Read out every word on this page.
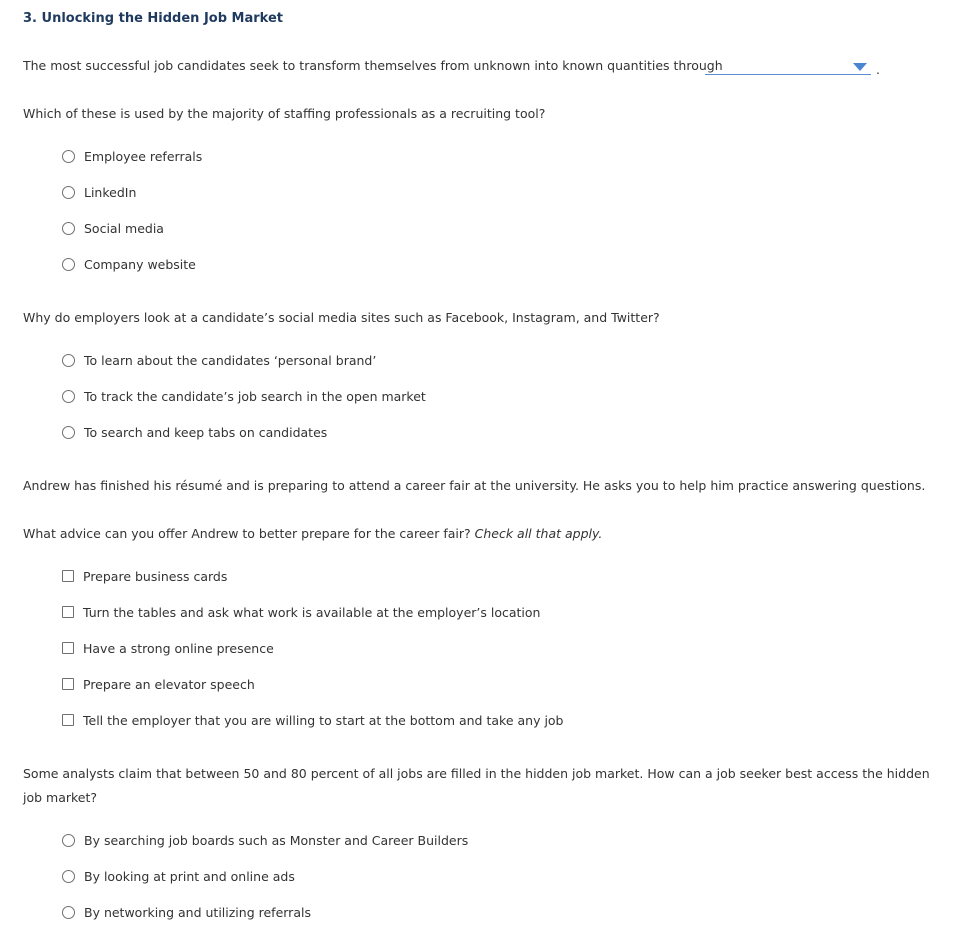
3. Unlocking the Hidden Job Market
The most successful job candidates seek to transform themselves from unknown into known quantities through	.
Which of these is used by the majority of staffing professionals as a recruiting tool?
Employee referrals
LinkedIn
Social media
Company website
Why do employers look at a candidate’s social media sites such as Facebook, Instagram, and Twitter?
To learn about the candidates ‘personal brand’
To track the candidate’s job search in the open market
To search and keep tabs on candidates
Andrew has finished his résumé and is preparing to attend a career fair at the university. He asks you to help him practice answering questions.
What advice can you offer Andrew to better prepare for the career fair? Check all that apply.
Prepare business cards
Turn the tables and ask what work is available at the employer’s location
Have a strong online presence
Prepare an elevator speech
Tell the employer that you are willing to start at the bottom and take any job
Some analysts claim that between 50 and 80 percent of all jobs are filled in the hidden job market. How can a job seeker best access the hidden job market?
By searching job boards such as Monster and Career Builders
By looking at print and online ads
By networking and utilizing referrals
